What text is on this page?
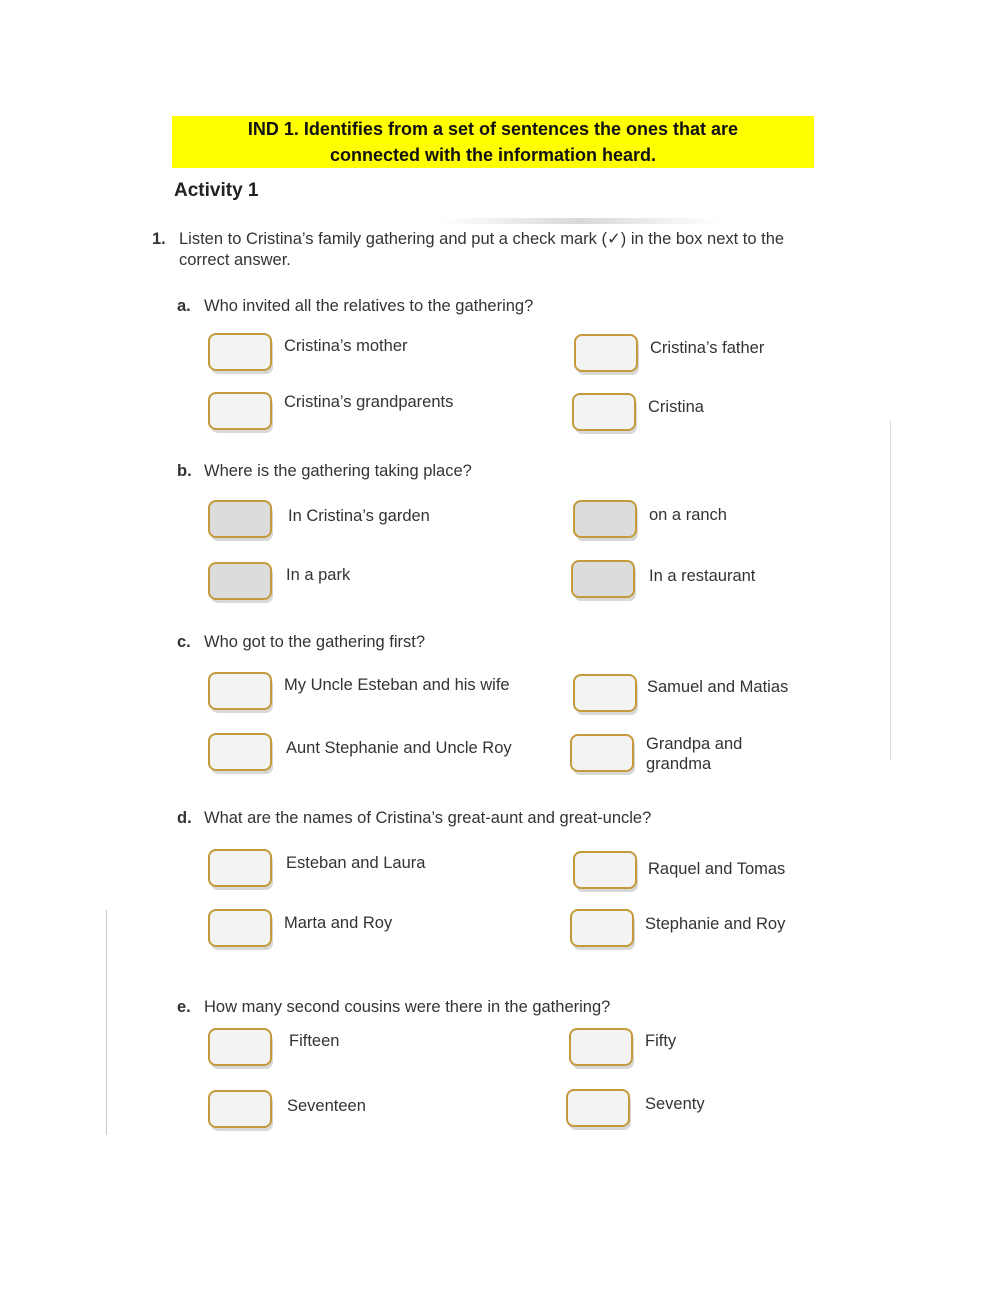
IND 1. Identifies from a set of sentences the ones that are
connected with the information heard.
Activity 1
1. Listen to Cristina’s family gathering and put a check mark (✓) in the box next to the correct answer.
a. Who invited all the relatives to the gathering?
Cristina’s mother	Cristina’s father
Cristina’s grandparents	Cristina
b. Where is the gathering taking place?
In Cristina’s garden	on a ranch
In a park	In a restaurant
c. Who got to the gathering first?
My Uncle Esteban and his wife	Samuel and Matias
Aunt Stephanie and Uncle Roy	Grandpa and grandma
d. What are the names of Cristina’s great-aunt and great-uncle?
Esteban and Laura	Raquel and Tomas
Marta and Roy	Stephanie and Roy
e. How many second cousins were there in the gathering?
Fifteen	Fifty
Seventeen	Seventy
